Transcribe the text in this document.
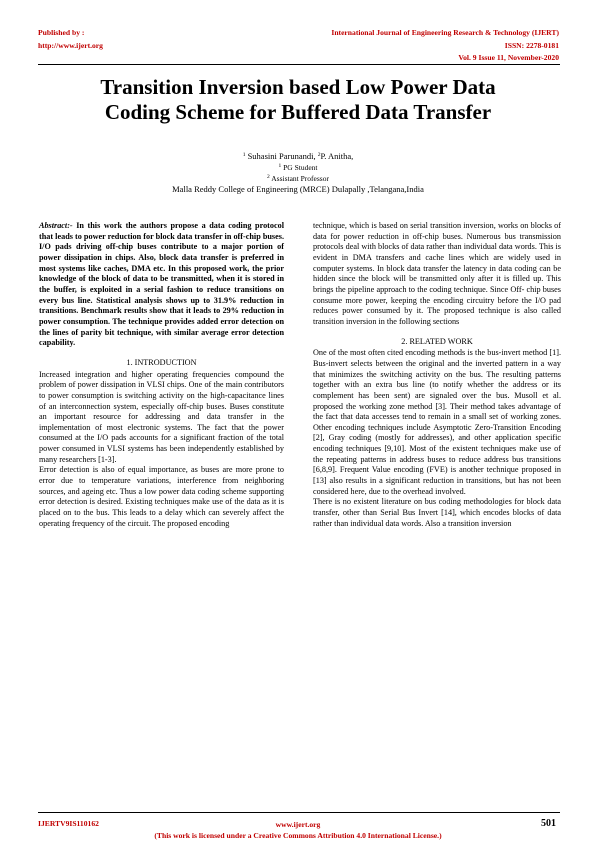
Published by :
http://www.ijert.org
International Journal of Engineering Research & Technology (IJERT)
ISSN: 2278-0181
Vol. 9 Issue 11, November-2020
Transition Inversion based Low Power Data
Coding Scheme for Buffered Data Transfer
$^1$ Suhasini Parunandi, $^2$P. Anitha,
$^1$ PG Student
$^2$ Assistant Professor
Malla Reddy College of Engineering (MRCE) Dulapally ,Telangana,India

Abstract:- In this work the authors propose a data coding protocol that leads to power reduction for block data transfer in off-chip buses. I/O pads driving off-chip buses contribute to a major portion of power dissipation in chips. Also, block data transfer is preferred in most systems like caches, DMA etc. In this proposed work, the prior knowledge of the block of data to be transmitted, when it is stored in the buffer, is exploited in a serial fashion to reduce transitions on every bus line. Statistical analysis shows up to 31.9% reduction in transitions. Benchmark results show that it leads to 29% reduction in power consumption. The technique provides added error detection on the lines of parity bit technique, with similar average error detection capability.

1. INTRODUCTION

Increased integration and higher operating frequencies compound the problem of power dissipation in VLSI chips. One of the main contributors to power consumption is switching activity on the high-capacitance lines of an interconnection system, especially off-chip buses. Buses constitute an important resource for addressing and data transfer in the implementation of most electronic systems. The fact that the power consumed at the I/O pads accounts for a significant fraction of the total power consumed in VLSI systems has been independently established by many researchers [1-3].

Error detection is also of equal importance, as buses are more prone to error due to temperature variations, interference from neighboring sources, and ageing etc. Thus a low power data coding scheme supporting error detection is desired. Existing techniques make use of the data as it is placed on to the bus. This leads to a delay which can severely affect the operating frequency of the circuit. The proposed encoding

technique, which is based on serial transition inversion, works on blocks of data for power reduction in off-chip buses. Numerous bus transmission protocols deal with blocks of data rather than individual data words. This is evident in DMA transfers and cache lines which are widely used in computer systems. In block data transfer the latency in data coding can be hidden since the block will be transmitted only after it is filled up. This brings the pipeline approach to the coding technique. Since Off- chip buses consume more power, keeping the encoding circuitry before the I/O pad reduces power consumed by it. The proposed technique is also called transition inversion in the following sections

2. RELATED WORK

One of the most often cited encoding methods is the bus-invert method [1]. Bus-invert selects between the original and the inverted pattern in a way that minimizes the switching activity on the bus. The resulting patterns together with an extra bus line (to notify whether the address or its complement has been sent) are signaled over the bus. Musoll et al. proposed the working zone method [3]. Their method takes advantage of the fact that data accesses tend to remain in a small set of working zones. Other encoding techniques include Asymptotic Zero-Transition Encoding [2], Gray coding (mostly for addresses), and other application specific encoding techniques [9,10]. Most of the existent techniques make use of the repeating patterns in address buses to reduce address bus transitions [6,8,9]. Frequent Value encoding (FVE) is another technique proposed in [13] also results in a significant reduction in transitions, but has not been considered here, due to the overhead involved.

There is no existent literature on bus coding methodologies for block data transfer, other than Serial Bus Invert [14], which encodes blocks of data rather than individual data words. Also a transition inversion

IJERTV9IS110162	www.ijert.org
(This work is licensed under a Creative Commons Attribution 4.0 International License.)
501
